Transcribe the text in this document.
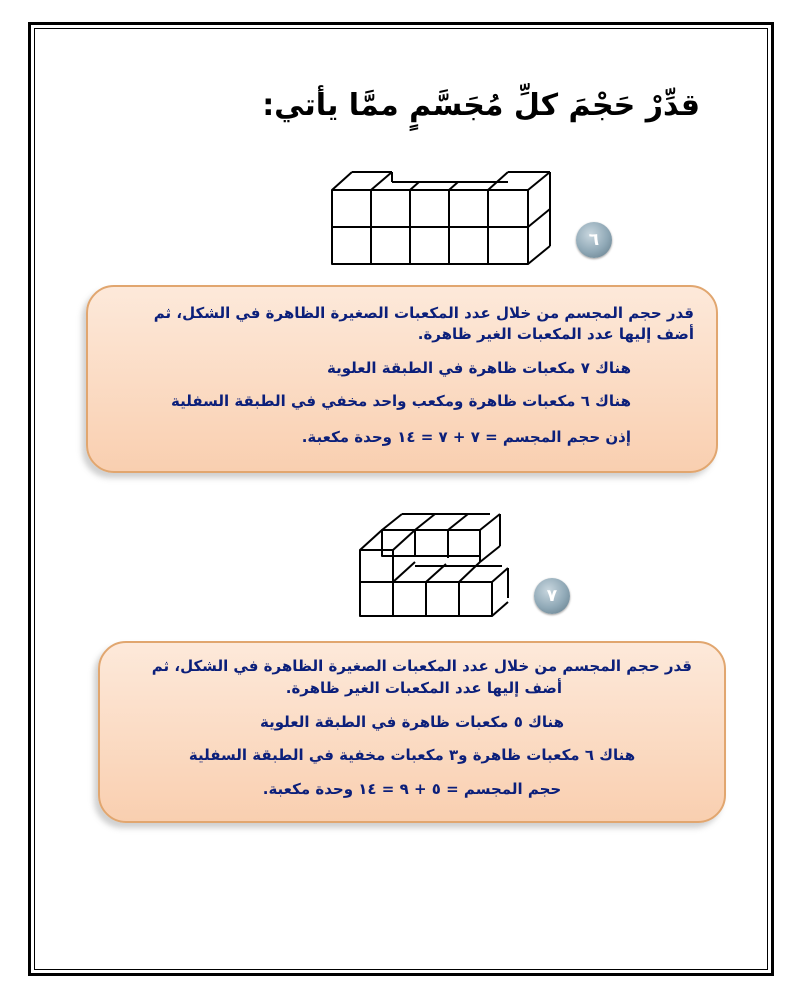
قدِّرْ حَجْمَ كلِّ مُجَسَّمٍ ممَّا يأتي:
٦

قدر حجم المجسم من خلال عدد المكعبات الصغيرة الظاهرة في الشكل، ثم

أضف إليها عدد المكعبات الغير ظاهرة.

هناك ٧ مكعبات ظاهرة في الطبقة العلوية

هناك ٦ مكعبات ظاهرة ومكعب واحد مخفي في الطبقة السفلية

إذن حجم المجسم = ٧ + ٧ = ١٤ وحدة مكعبة.

٧

قدر حجم المجسم من خلال عدد المكعبات الصغيرة الظاهرة في الشكل، ثم

أضف إليها عدد المكعبات الغير ظاهرة.

هناك ٥ مكعبات ظاهرة في الطبقة العلوية

هناك ٦ مكعبات ظاهرة و٣ مكعبات مخفية في الطبقة السفلية

حجم المجسم = ٥ + ٩ = ١٤ وحدة مكعبة.
